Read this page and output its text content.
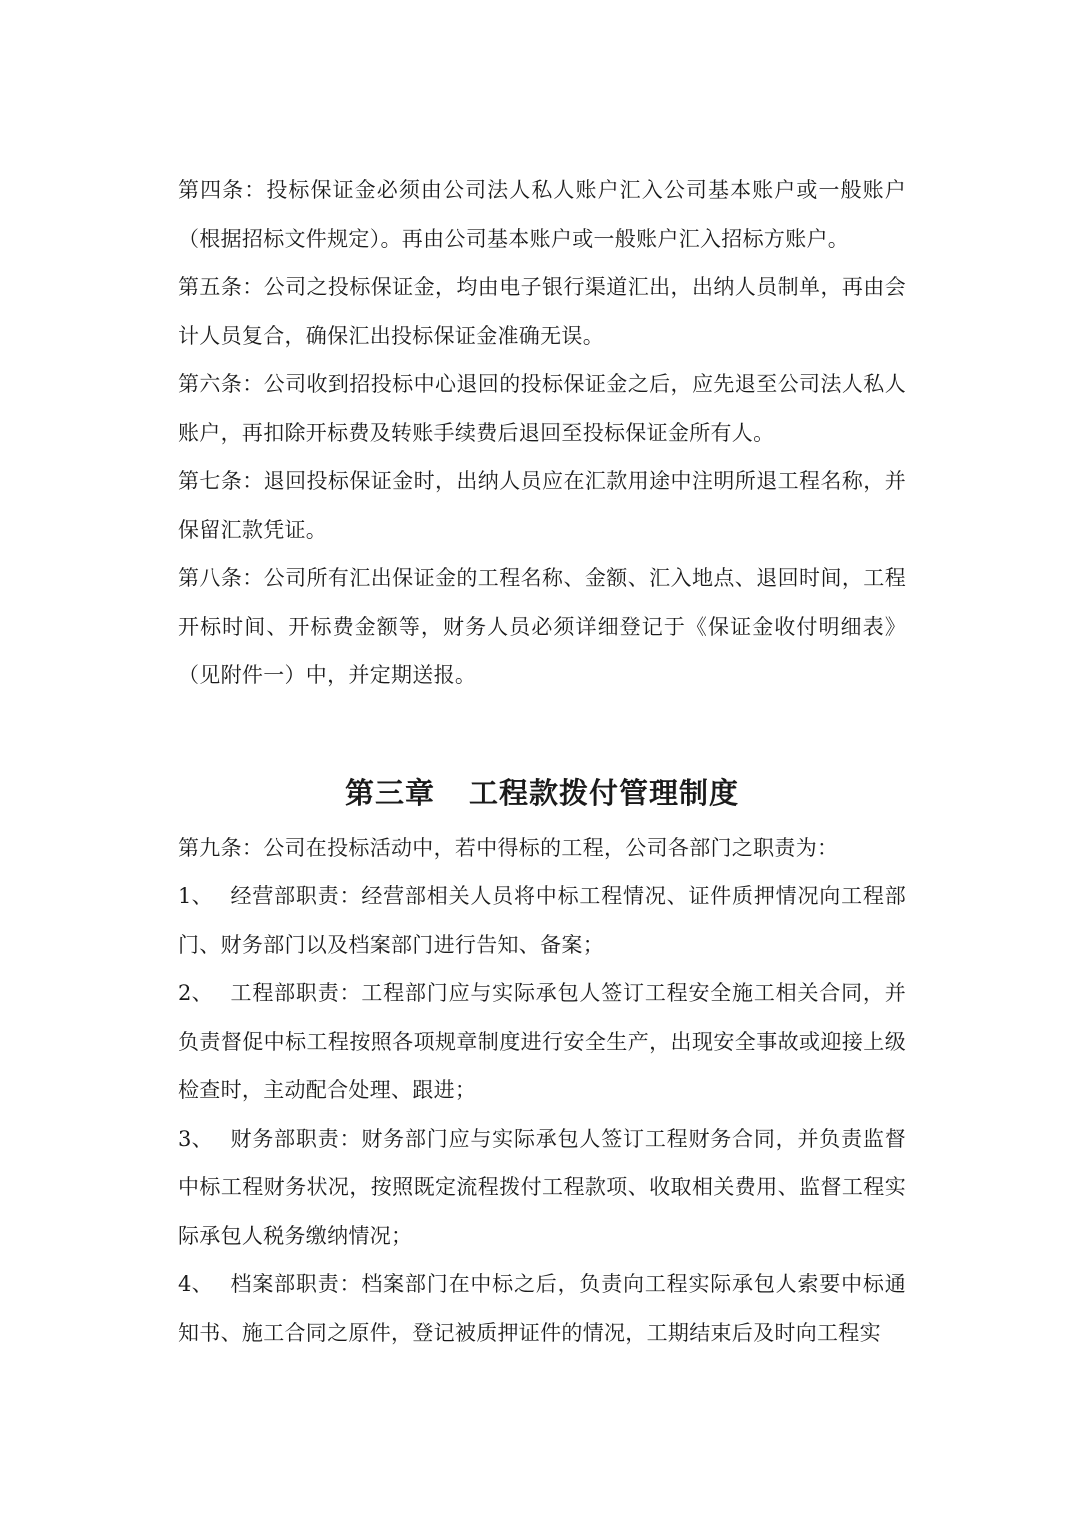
第四条：投标保证金必须由公司法人私人账户汇入公司基本账户或一般账户（根据招标文件规定）。再由公司基本账户或一般账户汇入招标方账户。

第五条：公司之投标保证金，均由电子银行渠道汇出，出纳人员制单，再由会计人员复合，确保汇出投标保证金准确无误。

第六条：公司收到招投标中心退回的投标保证金之后，应先退至公司法人私人账户，再扣除开标费及转账手续费后退回至投标保证金所有人。

第七条：退回投标保证金时，出纳人员应在汇款用途中注明所退工程名称，并保留汇款凭证。

第八条：公司所有汇出保证金的工程名称、金额、汇入地点、退回时间，工程开标时间、开标费金额等，财务人员必须详细登记于《保证金收付明细表》（见附件一）中，并定期送报。

第三章 工程款拨付管理制度

第九条：公司在投标活动中，若中得标的工程，公司各部门之职责为：

1、 经营部职责：经营部相关人员将中标工程情况、证件质押情况向工程部门、财务部门以及档案部门进行告知、备案；

2、 工程部职责：工程部门应与实际承包人签订工程安全施工相关合同，并负责督促中标工程按照各项规章制度进行安全生产，出现安全事故或迎接上级检查时，主动配合处理、跟进；

3、 财务部职责：财务部门应与实际承包人签订工程财务合同，并负责监督中标工程财务状况，按照既定流程拨付工程款项、收取相关费用、监督工程实际承包人税务缴纳情况；

4、 档案部职责：档案部门在中标之后，负责向工程实际承包人索要中标通知书、施工合同之原件，登记被质押证件的情况，工期结束后及时向工程实
